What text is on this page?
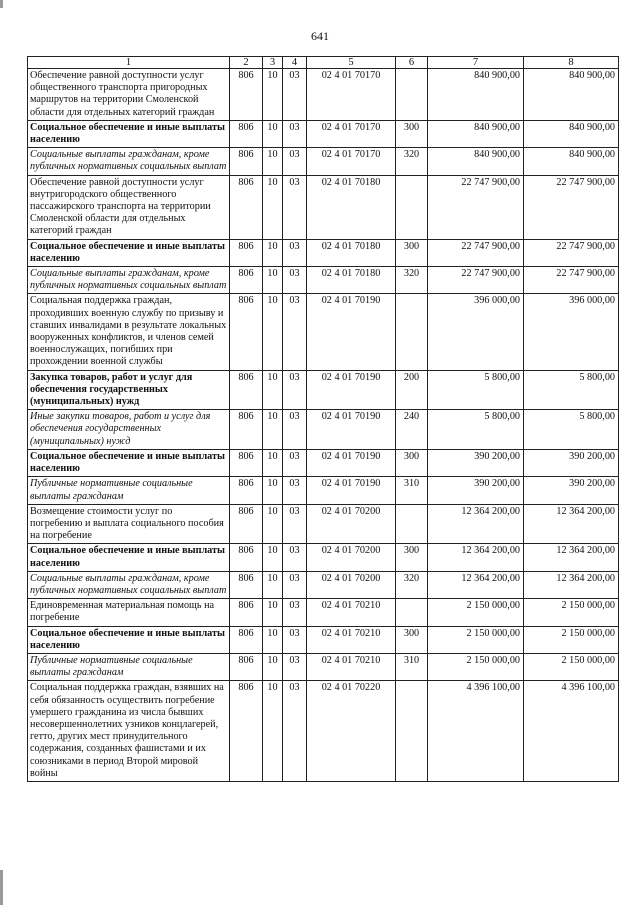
641
1	2	3	4	5	6	7	8
Обеспечение равной доступности услуг общественного транспорта пригородных маршрутов на территории Смоленской области для отдельных категорий граждан	806	10	03	02 4 01 70170		840 900,00	840 900,00
Социальное обеспечение и иные выплаты населению	806	10	03	02 4 01 70170	300	840 900,00	840 900,00
Социальные выплаты гражданам, кроме публичных нормативных социальных выплат	806	10	03	02 4 01 70170	320	840 900,00	840 900,00
Обеспечение равной доступности услуг внутригородского общественного пассажирского транспорта на территории Смоленской области для отдельных категорий граждан	806	10	03	02 4 01 70180		22 747 900,00	22 747 900,00
Социальное обеспечение и иные выплаты населению	806	10	03	02 4 01 70180	300	22 747 900,00	22 747 900,00
Социальные выплаты гражданам, кроме публичных нормативных социальных выплат	806	10	03	02 4 01 70180	320	22 747 900,00	22 747 900,00
Социальная поддержка граждан, проходивших военную службу по призыву и ставших инвалидами в результате локальных вооруженных конфликтов, и членов семей военнослужащих, погибших при прохождении военной службы	806	10	03	02 4 01 70190		396 000,00	396 000,00
Закупка товаров, работ и услуг для обеспечения государственных (муниципальных) нужд	806	10	03	02 4 01 70190	200	5 800,00	5 800,00
Иные закупки товаров, работ и услуг для обеспечения государственных (муниципальных) нужд	806	10	03	02 4 01 70190	240	5 800,00	5 800,00
Социальное обеспечение и иные выплаты населению	806	10	03	02 4 01 70190	300	390 200,00	390 200,00
Публичные нормативные социальные выплаты гражданам	806	10	03	02 4 01 70190	310	390 200,00	390 200,00
Возмещение стоимости услуг по погребению и выплата социального пособия на погребение	806	10	03	02 4 01 70200		12 364 200,00	12 364 200,00
Социальное обеспечение и иные выплаты населению	806	10	03	02 4 01 70200	300	12 364 200,00	12 364 200,00
Социальные выплаты гражданам, кроме публичных нормативных социальных выплат	806	10	03	02 4 01 70200	320	12 364 200,00	12 364 200,00
Единовременная материальная помощь на погребение	806	10	03	02 4 01 70210		2 150 000,00	2 150 000,00
Социальное обеспечение и иные выплаты населению	806	10	03	02 4 01 70210	300	2 150 000,00	2 150 000,00
Публичные нормативные социальные выплаты гражданам	806	10	03	02 4 01 70210	310	2 150 000,00	2 150 000,00
Социальная поддержка граждан, взявших на себя обязанность осуществить погребение умершего гражданина из числа бывших несовершеннолетних узников концлагерей, гетто, других мест принудительного содержания, созданных фашистами и их союзниками в период Второй мировой войны	806	10	03	02 4 01 70220		4 396 100,00	4 396 100,00
